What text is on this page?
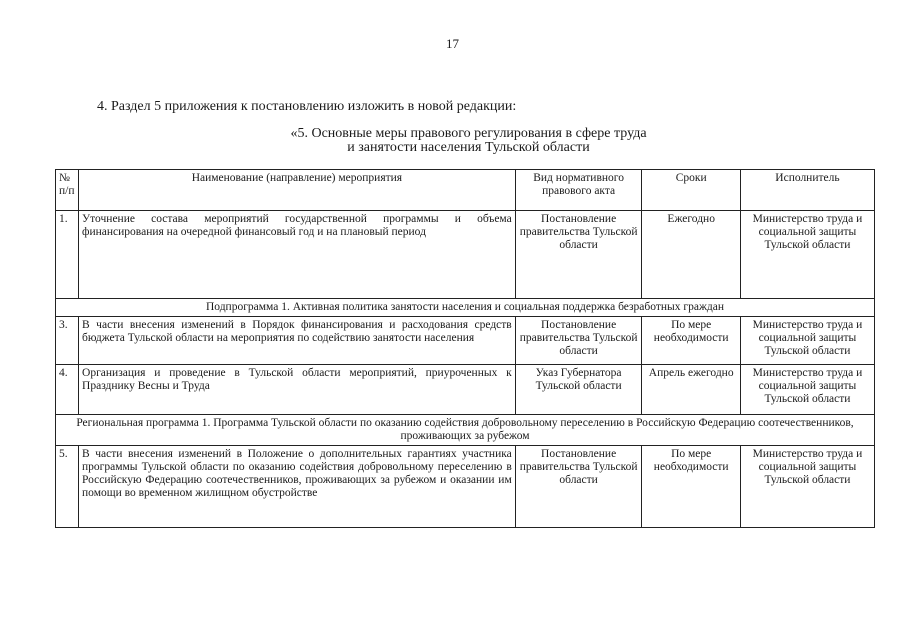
17
4. Раздел 5 приложения к постановлению изложить в новой редакции:
«5. Основные меры правового регулирования в сфере труда
и занятости населения Тульской области
№
п/п	Наименование (направление) мероприятия	Вид нормативного правового акта	Сроки	Исполнитель
1.	Уточнение состава мероприятий государственной программы и объема финансирования на очередной финансовый год и на плановый период	Постановление правительства Тульской области	Ежегодно	Министерство труда и социальной защиты Тульской области
Подпрограмма 1. Активная политика занятости населения и социальная поддержка безработных граждан				
3.	В части внесения изменений в Порядок финансирования и расходования средств бюджета Тульской области на мероприятия по содействию занятости населения	Постановление правительства Тульской области	По мере необходимости	Министерство труда и социальной защиты Тульской области
4.	Организация и проведение в Тульской области мероприятий, приуроченных к Празднику Весны и Труда	Указ Губернатора Тульской области	Апрель ежегодно	Министерство труда и социальной защиты Тульской области
Региональная программа 1. Программа Тульской области по оказанию содействия добровольному переселению в Российскую Федерацию соотечественников, проживающих за рубежом				
5.	В части внесения изменений в Положение о дополнительных гарантиях участника программы Тульской области по оказанию содействия добровольному переселению в Российскую Федерацию соотечественников, проживающих за рубежом и оказании им помощи во временном жилищном обустройстве	Постановление правительства Тульской области	По мере необходимости	Министерство труда и социальной защиты Тульской области
